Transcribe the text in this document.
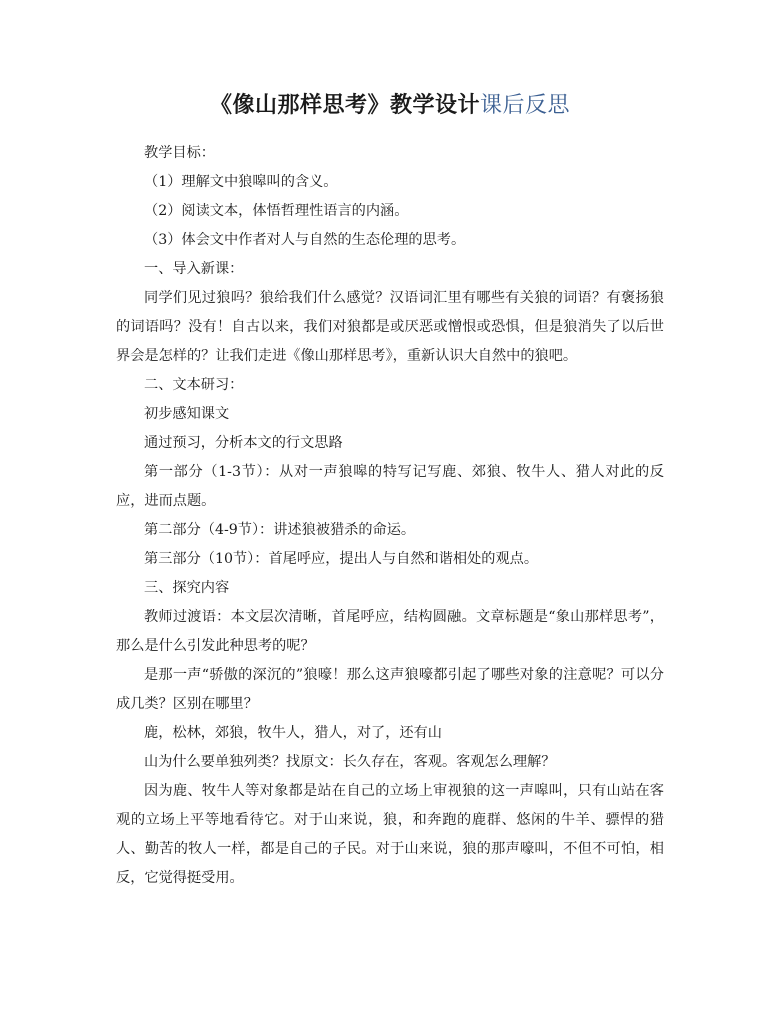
《像山那样思考》教学设计课后反思

教学目标：

（1）理解文中狼嗥叫的含义。

（2）阅读文本，体悟哲理性语言的内涵。

（3）体会文中作者对人与自然的生态伦理的思考。

一、导入新课：

同学们见过狼吗？狼给我们什么感觉？汉语词汇里有哪些有关狼的词语？有褒扬狼的词语吗？没有！自古以来，我们对狼都是或厌恶或憎恨或恐惧，但是狼消失了以后世界会是怎样的？让我们走进《像山那样思考》，重新认识大自然中的狼吧。

二、文本研习：

初步感知课文

通过预习，分析本文的行文思路

第一部分（1-3节）：从对一声狼嗥的特写记写鹿、郊狼、牧牛人、猎人对此的反应，进而点题。

第二部分（4-9节）：讲述狼被猎杀的命运。

第三部分（10节）：首尾呼应，提出人与自然和谐相处的观点。

三、探究内容

教师过渡语：本文层次清晰，首尾呼应，结构圆融。文章标题是“象山那样思考”，那么是什么引发此种思考的呢？

是那一声“骄傲的深沉的”狼嚎！那么这声狼嚎都引起了哪些对象的注意呢？可以分成几类？区别在哪里？

鹿，松林，郊狼，牧牛人，猎人，对了，还有山

山为什么要单独列类？找原文：长久存在，客观。客观怎么理解？

因为鹿、牧牛人等对象都是站在自己的立场上审视狼的这一声嗥叫，只有山站在客观的立场上平等地看待它。对于山来说，狼，和奔跑的鹿群、悠闲的牛羊、骠悍的猎人、勤苦的牧人一样，都是自己的子民。对于山来说，狼的那声嚎叫，不但不可怕，相反，它觉得挺受用。
